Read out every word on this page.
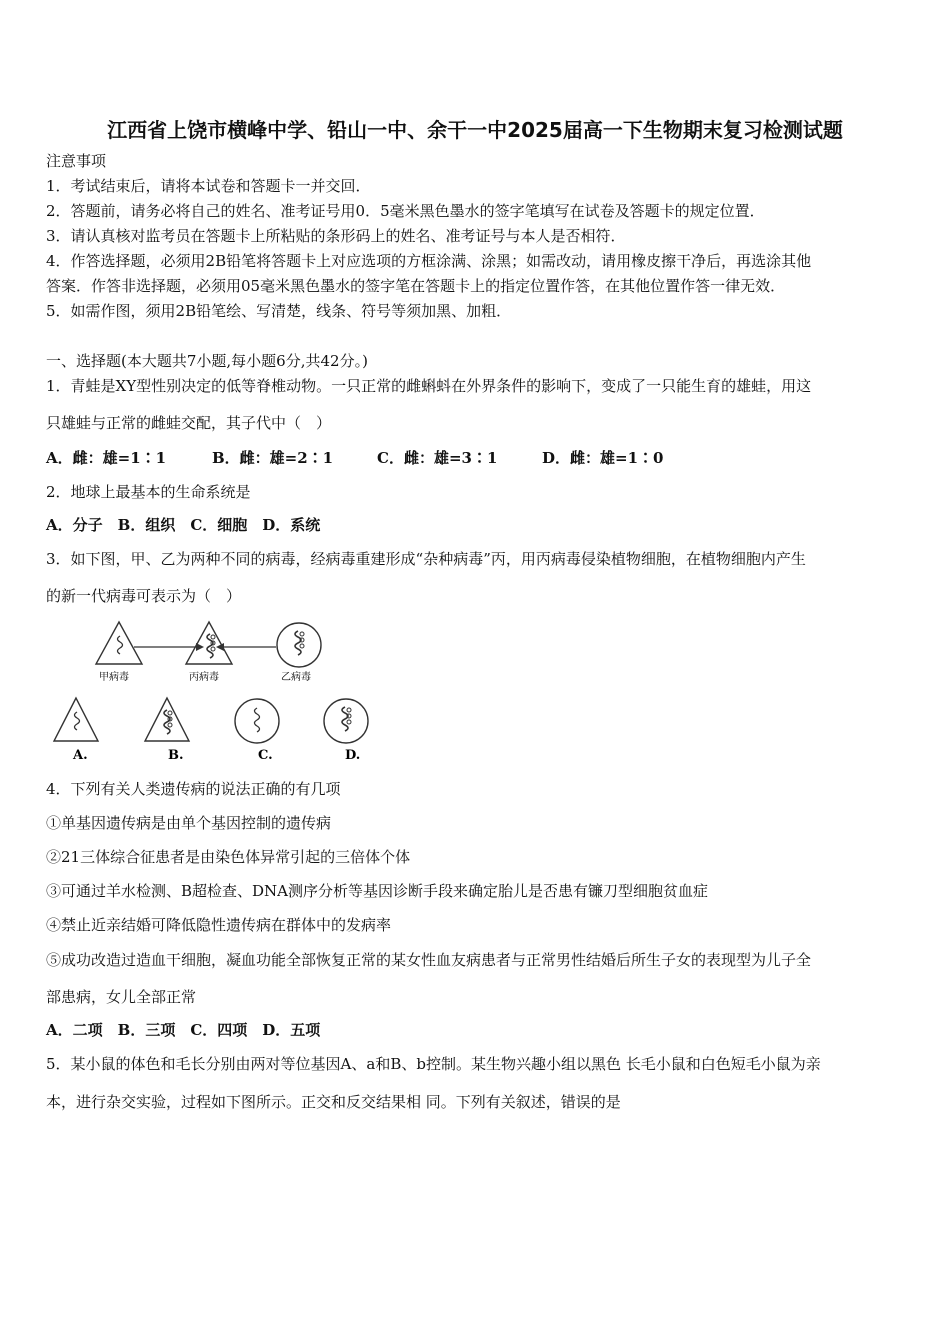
江西省上饶市横峰中学、铅山一中、余干一中2025届高一下生物期末复习检测试题
注意事项
1．考试结束后，请将本试卷和答题卡一并交回．
2．答题前，请务必将自己的姓名、准考证号用0．5毫米黑色墨水的签字笔填写在试卷及答题卡的规定位置．
3．请认真核对监考员在答题卡上所粘贴的条形码上的姓名、准考证号与本人是否相符．
4．作答选择题，必须用2B铅笔将答题卡上对应选项的方框涂满、涂黑；如需改动，请用橡皮擦干净后，再选涂其他
答案．作答非选择题，必须用05毫米黑色墨水的签字笔在答题卡上的指定位置作答，在其他位置作答一律无效．
5．如需作图，须用2B铅笔绘、写清楚，线条、符号等须加黑、加粗．
一、选择题(本大题共7小题,每小题6分,共42分。)
1．青蛙是XY型性别决定的低等脊椎动物。一只正常的雌蝌蚪在外界条件的影响下，变成了一只能生育的雄蛙，用这
只雄蛙与正常的雌蛙交配，其子代中（　）
A．雌：雄=1∶1	B．雌：雄=2∶1	C．雌：雄=3∶1	D．雌：雄=1∶0
2．地球上最基本的生命系统是
A．分子　B．组织　C．细胞　D．系统
3．如下图，甲、乙为两种不同的病毒，经病毒重建形成“杂种病毒”丙，用丙病毒侵染植物细胞，在植物细胞内产生
的新一代病毒可表示为（　）
甲病毒	丙病毒	乙病毒
A.	B.	C.	D.
4．下列有关人类遗传病的说法正确的有几项
①单基因遗传病是由单个基因控制的遗传病
②21三体综合征患者是由染色体异常引起的三倍体个体
③可通过羊水检测、B超检查、DNA测序分析等基因诊断手段来确定胎儿是否患有镰刀型细胞贫血症
④禁止近亲结婚可降低隐性遗传病在群体中的发病率
⑤成功改造过造血干细胞，凝血功能全部恢复正常的某女性血友病患者与正常男性结婚后所生子女的表现型为儿子全
部患病，女儿全部正常
A．二项　B．三项　C．四项　D．五项
5．某小鼠的体色和毛长分别由两对等位基因A、a和B、b控制。某生物兴趣小组以黑色 长毛小鼠和白色短毛小鼠为亲
本，进行杂交实验，过程如下图所示。正交和反交结果相 同。下列有关叙述，错误的是
